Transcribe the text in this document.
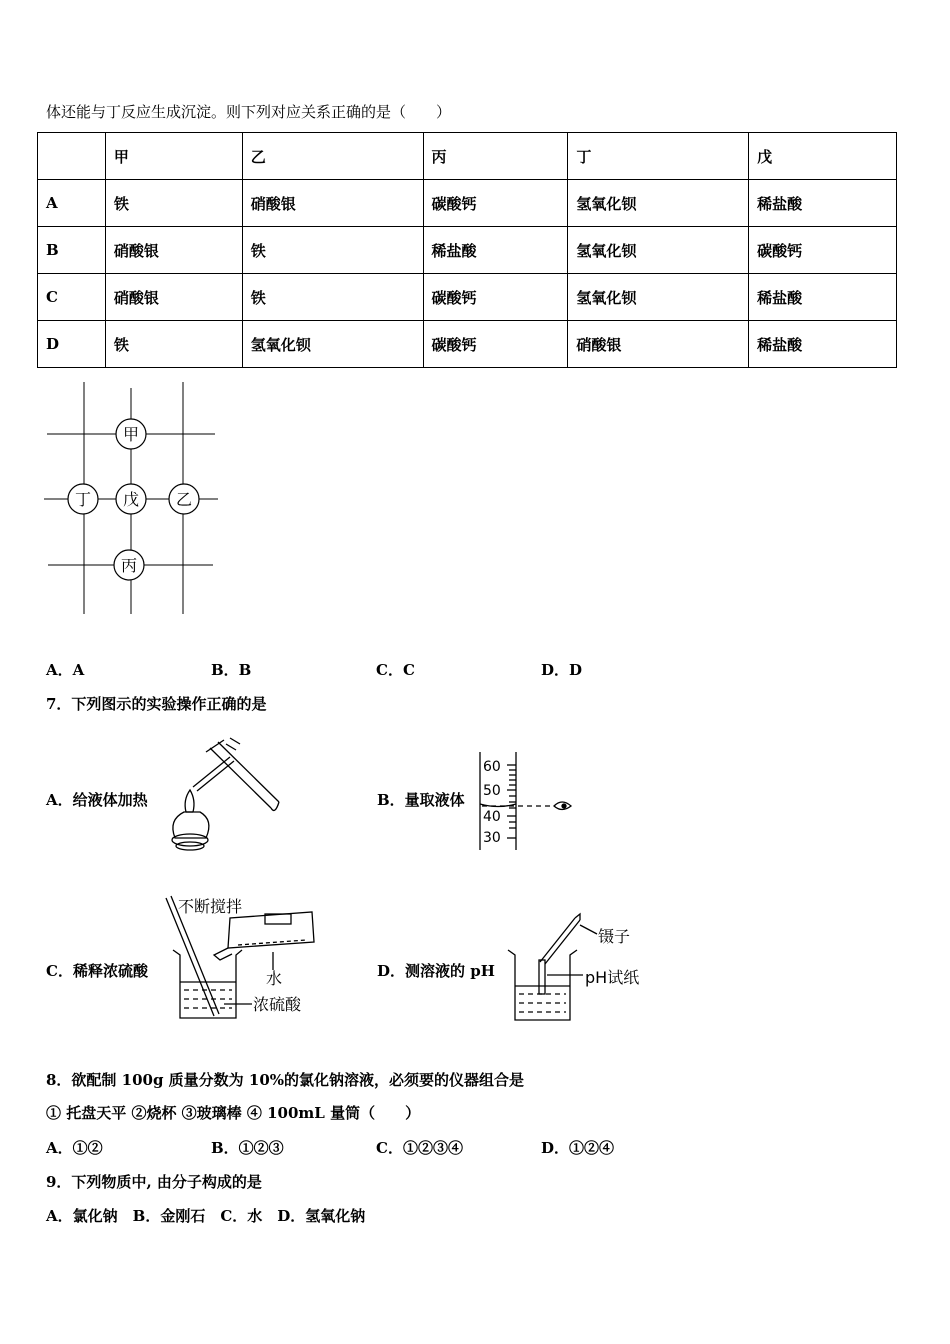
体还能与丁反应生成沉淀。则下列对应关系正确的是（　　）
	甲	乙	丙	丁	戊
A	铁	硝酸银	碳酸钙	氢氧化钡	稀盐酸
B	硝酸银	铁	稀盐酸	氢氧化钡	碳酸钙
C	硝酸银	铁	碳酸钙	氢氧化钡	稀盐酸
D	铁	氢氧化钡	碳酸钙	硝酸银	稀盐酸
甲
丁 戊 乙
丙
A．A	B．B	C．C	D．D
7．下列图示的实验操作正确的是
A．给液体加热	B．量取液体
60
50
40
30
C．稀释浓硫酸
不断搅拌
水
浓硫酸
D．测溶液的 pH
镊子
pH试纸
8．欲配制 100g 质量分数为 10%的氯化钠溶液，必须要的仪器组合是
① 托盘天平 ②烧杯 ③玻璃棒 ④ 100mL 量筒（　　）
A．①②	B．①②③	C．①②③④	D．①②④
9．下列物质中, 由分子构成的是
A．氯化钠　B．金刚石　C．水　D．氢氧化钠
